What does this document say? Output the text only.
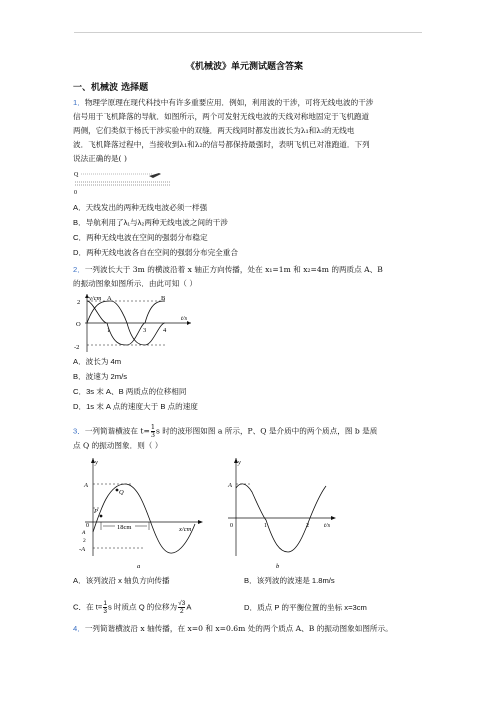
《机械波》单元测试题含答案
一、机械波 选择题
1．物理学原理在现代科技中有许多重要应用．例如，利用波的干涉，可将无线电波的干涉
信号用于飞机降落的导航．如图所示，两个可发射无线电波的天线对称地固定于飞机跑道
两侧，它们类似于杨氏干涉实验中的双缝．两天线同时都发出波长为λ₁和λ₂的无线电
波．飞机降落过程中，当接收到λ₁和λ₂的信号都保持最强时，表明飞机已对准跑道．下列
说法正确的是( )
Q
0
A．天线发出的两种无线电波必须一样强
B．导航利用了λ₁与λ₂两种无线电波之间的干涉
C．两种无线电波在空间的强弱分布稳定
D．两种无线电波各自在空间的强弱分布完全重合
2．一列波长大于 3m 的横波沿着 x 轴正方向传播，处在 x₁=1m 和 x₂=4m 的两质点 A、B
的振动图象如图所示．由此可知（ ）
y/cm A	B
2
O
-2
1	3	4
t/s
A．波长为 4m
B．波速为 2m/s
C．3s 末 A、B 两质点的位移相同
D．1s 末 A 点的速度大于 B 点的速度
3．一列简谐横波在 $t= \frac{1}{3}$ s 时的波形图如图 a 所示，P、Q 是介质中的两个质点，图 b 是质
点 Q 的振动图象．则（ ）
y
A
Q
P
0
A
2
-A
18cm	x/cm
a
y
A
0	1	2 t/s
b
A．该列波沿 x 轴负方向传播	B．该列波的波速是 1.8m/s
C．在 $t= \frac{1}{3}$ s 时质点 Q 的位移为 $\frac{√3}{2}$ A	D．质点 P 的平衡位置的坐标 x=3cm
4．一列简谐横波沿 x 轴传播，在 x=0 和 x=0.6m 处的两个质点 A、B 的振动图象如图所示。
